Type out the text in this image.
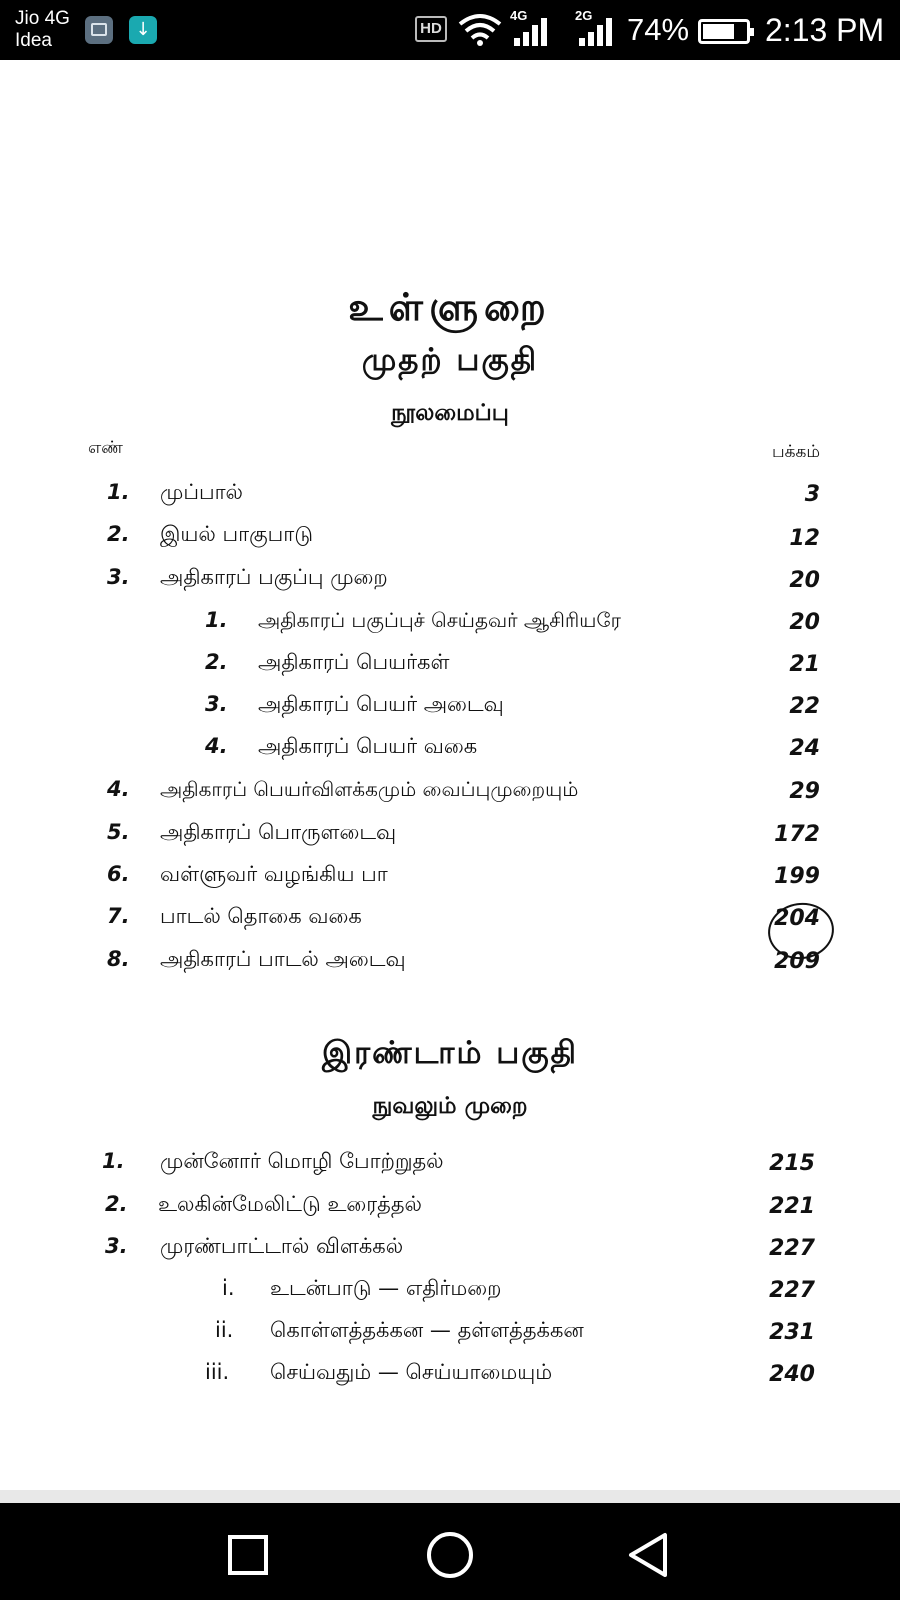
Jio 4G
Idea
↓
HD
4G	2G 74% 2:13 PM
உள்ளுறை
முதற் பகுதி
நூலமைப்பு
எண்	பக்கம்
1. முப்பால்	3
2. இயல் பாகுபாடு	12
3. அதிகாரப் பகுப்பு முறை	20
1. அதிகாரப் பகுப்புச் செய்தவர் ஆசிரியரே	20
2. அதிகாரப் பெயர்கள்	21
3. அதிகாரப் பெயர் அடைவு	22
4. அதிகாரப் பெயர் வகை	24
4. அதிகாரப் பெயர்விளக்கமும் வைப்புமுறையும்	29
5. அதிகாரப் பொருளடைவு	172
6. வள்ளுவர் வழங்கிய பா	199
7. பாடல் தொகை வகை	204
8. அதிகாரப் பாடல் அடைவு	209
இரண்டாம் பகுதி
நுவலும் முறை
1. முன்னோர் மொழி போற்றுதல்	215
2. உலகின்மேலிட்டு உரைத்தல்	221
3. முரண்பாட்டால் விளக்கல்	227
i. உடன்பாடு — எதிர்மறை	227
ii. கொள்ளத்தக்கன — தள்ளத்தக்கன	231
iii. செய்வதும் — செய்யாமையும்	240
